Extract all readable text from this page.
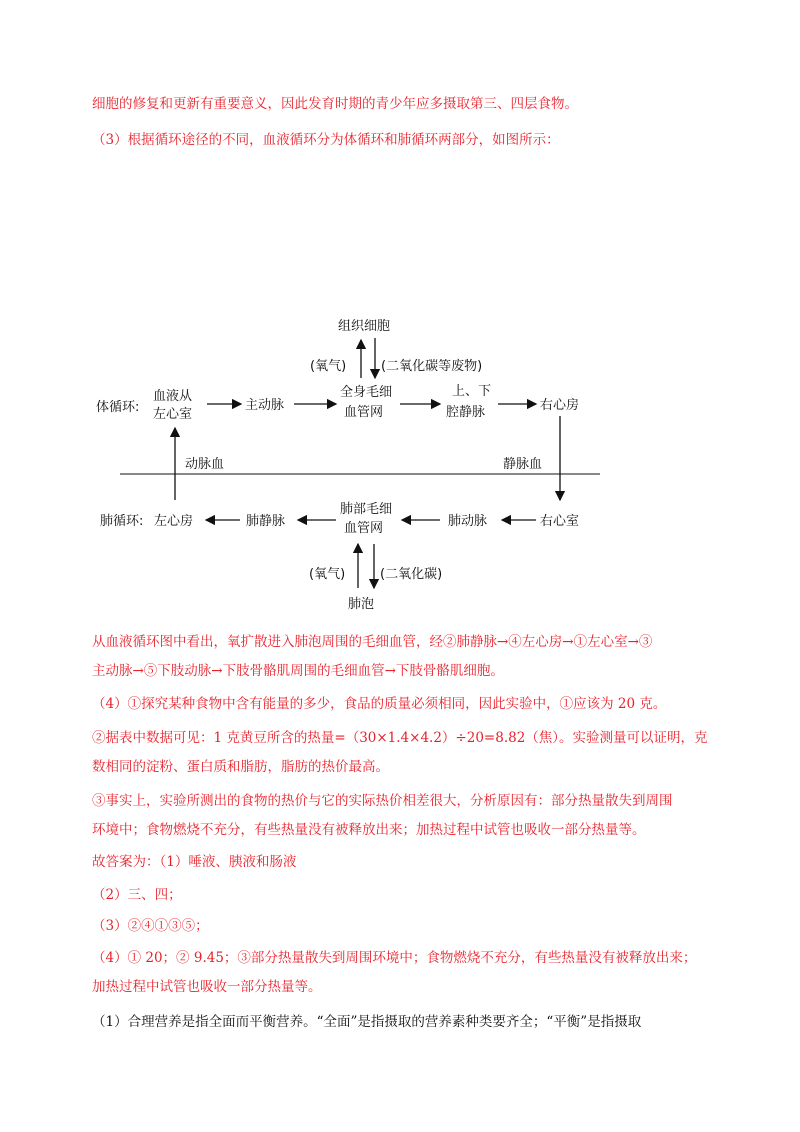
细胞的修复和更新有重要意义，因此发育时期的青少年应多摄取第三、四层食物。
（3）根据循环途径的不同，血液循环分为体循环和肺循环两部分，如图所示：
组织细胞
(氧气)	(二氧化碳等废物)
体循环:
血液从
左心室
主动脉
全身毛细
血管网
上、下
腔静脉	右心房
动脉血	静脉血
肺循环: 左心房	肺静脉
肺部毛细
血管网	肺动脉	右心室
(氧气)	(二氧化碳)
肺泡
从血液循环图中看出，氧扩散进入肺泡周围的毛细血管，经②肺静脉→④左心房→①左心室→③
主动脉→⑤下肢动脉→下肢骨骼肌周围的毛细血管→下肢骨骼肌细胞。
（4）①探究某种食物中含有能量的多少，食品的质量必须相同，因此实验中，①应该为 20 克。
②据表中数据可见：1 克黄豆所含的热量=（30×1.4×4.2）÷20=8.82（焦）。实验测量可以证明，克
数相同的淀粉、蛋白质和脂肪，脂肪的热价最高。
③事实上，实验所测出的食物的热价与它的实际热价相差很大，分析原因有：部分热量散失到周围
环境中；食物燃烧不充分，有些热量没有被释放出来；加热过程中试管也吸收一部分热量等。
故答案为：（1）唾液、胰液和肠液
（2）三、四；
（3）②④①③⑤；
（4）① 20；② 9.45；③部分热量散失到周围环境中；食物燃烧不充分，有些热量没有被释放出来；
加热过程中试管也吸收一部分热量等。
（1）合理营养是指全面而平衡营养。“全面”是指摄取的营养素种类要齐全；“平衡”是指摄取
